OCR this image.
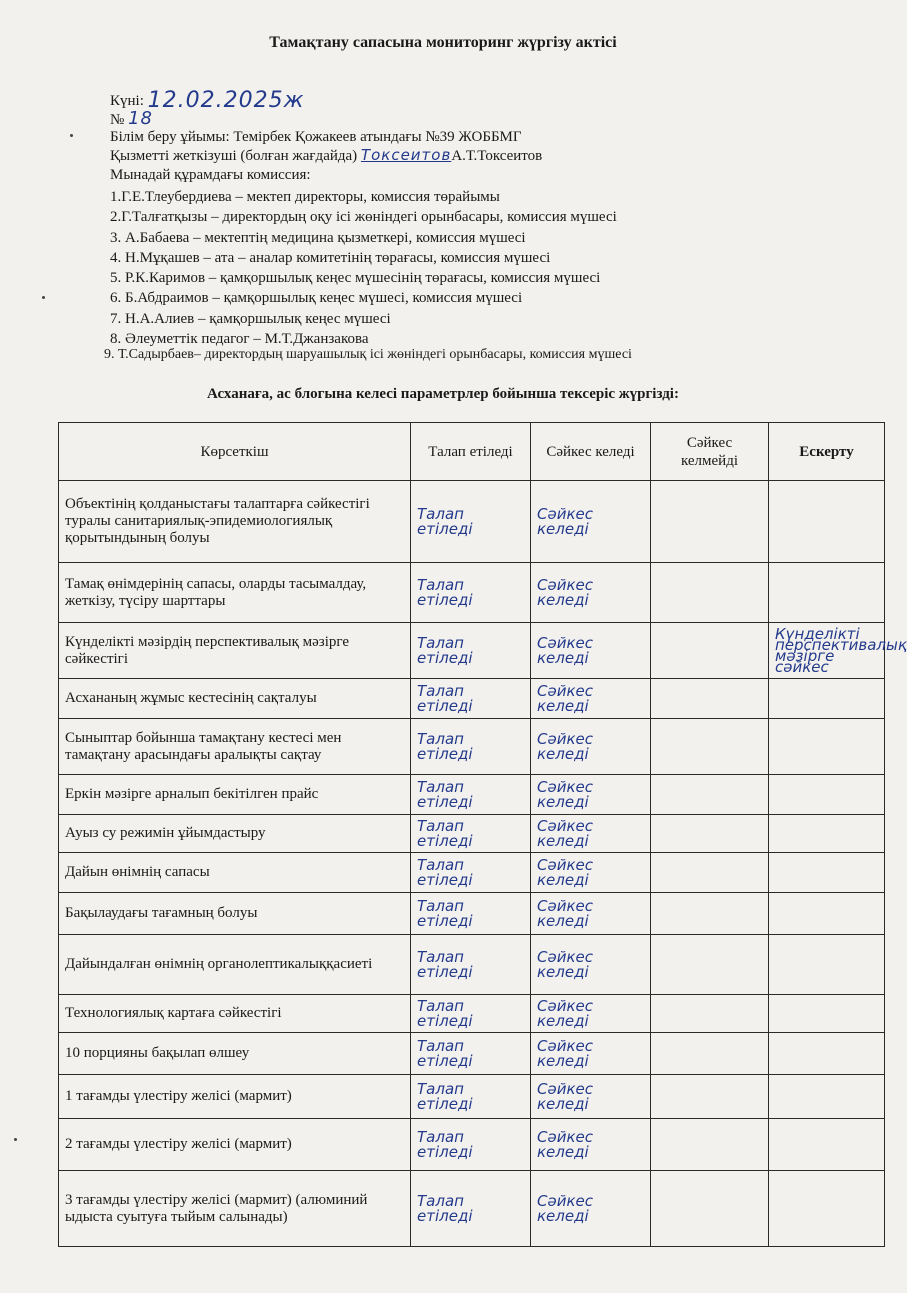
Тамақтану сапасына мониторинг жүргізу актісі
Күні: 12.02.2025ж
№ 18
Білім беру ұйымы: Темірбек Қожакеев атындағы №39 ЖОББМГ
Қызметті жеткізуші (болған жағдайда) ТоксеитовА.Т.Токсеитов
Мынадай құрамдағы комиссия:
1.Г.Е.Тлеубердиева – мектеп директоры, комиссия төрайымы
2.Г.Талғатқызы – директордың оқу ісі жөніндегі орынбасары, комиссия мүшесі
3. А.Бабаева – мектептің медицина қызметкері, комиссия мүшесі
4. Н.Мұқашев – ата – аналар комитетінің төрағасы, комиссия мүшесі
5. Р.К.Каримов – қамқоршылық кеңес мүшесінің төрағасы, комиссия мүшесі
6. Б.Абдраимов – қамқоршылық кеңес мүшесі, комиссия мүшесі
7. Н.А.Алиев – қамқоршылық кеңес мүшесі
8. Әлеуметтік педагог – М.Т.Джанзакова
9. Т.Садырбаев– директордың шаруашылық ісі жөніндегі орынбасары, комиссия мүшесі
Асханаға, ас блогына келесі параметрлер бойынша тексеріс жүргізді:
Көрсеткіш	Талап етіледі	Сәйкес келеді	Сәйкес келмейді	Ескерту
Объектінің қолданыстағы талаптарға сәйкестігі туралы санитариялық-эпидемиологиялық қорытындының болуы	Талап етіледі	Сәйкес келеді		
Тамақ өнімдерінің сапасы, оларды тасымалдау, жеткізу, түсіру шарттары	Талап етіледі	Сәйкес келеді		
Күнделікті мәзірдің перспективалық мәзірге сәйкестігі	Талап етіледі	Сәйкес келеді		Күнделікті перспективалық мәзірге сәйкес
Асхананың жұмыс кестесінің сақталуы	Талап етіледі	Сәйкес келеді		
Сыныптар бойынша тамақтану кестесі мен тамақтану арасындағы аралықты сақтау	Талап етіледі	Сәйкес келеді		
Еркін мәзірге арналып бекітілген прайс	Талап етіледі	Сәйкес келеді		
Ауыз су режимін ұйымдастыру	Талап етіледі	Сәйкес келеді		
Дайын өнімнің сапасы	Талап етіледі	Сәйкес келеді		
Бақылаудағы тағамның болуы	Талап етіледі	Сәйкес келеді		
Дайындалған өнімнің органолептикалыққасиеті	Талап етіледі	Сәйкес келеді		
Технологиялық картаға сәйкестігі	Талап етіледі	Сәйкес келеді		
10 порцияны бақылап өлшеу	Талап етіледі	Сәйкес келеді		
1 тағамды үлестіру желісі (мармит)	Талап етіледі	Сәйкес келеді		
2 тағамды үлестіру желісі (мармит)	Талап етіледі	Сәйкес келеді		
3 тағамды үлестіру желісі (мармит) (алюминий ыдыста суытуға тыйым салынады)	Талап етіледі	Сәйкес келеді		
